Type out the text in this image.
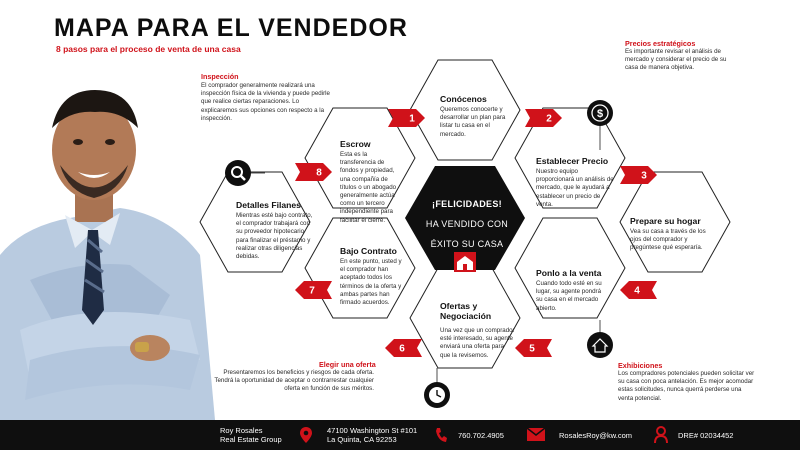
MAPA PARA EL VENDEDOR
8 pasos para el proceso de venta de una casa
1	2
3
4
5
6
7
8
$
Conócenos
Queremos conocerte y desarrollar un plan para listar tu casa en el mercado.
Precios estratégicos
Es importante revisar el análisis de mercado y considerar el precio de su casa de manera objetiva.
Establecer Precio
Nuestro equipo proporcionará un análisis de mercado, que le ayudará a establecer un precio de venta.
Prepare su hogar
Vea su casa a través de los ojos del comprador y pregúntese qué esperaría.
Ponlo a la venta
Cuando todo esté en su lugar, su agente pondrá su casa en el mercado abierto.
Exhibiciones
Los compradores potenciales pueden solicitar ver su casa con poca antelación. Es mejor acomodar estas solicitudes, nunca querrá perderse una venta potencial.
Ofertas y Negociación
Una vez que un comprador esté interesado, su agente enviará una oferta para que la revisemos.
Elegir una oferta
Presentaremos los beneficios y riesgos de cada oferta. Tendrá la oportunidad de aceptar o contrarrestar cualquier oferta en función de sus méritos.
Bajo Contrato
En este punto, usted y el comprador han aceptado todos los términos de la oferta y ambas partes han firmado acuerdos.
Detalles Filanes
Mientras esté bajo contrato, el comprador trabajará con su proveedor hipotecario para finalizar el préstamo y realizar otras diligencias debidas.
Escrow
Esta es la transferencia de fondos y propiedad, una compañía de títulos o un abogado generalmente actúa como un tercero independiente para facilitar el cierre.
Inspección
El comprador generalmente realizará una inspección física de la vivienda y puede pedirle que realice ciertas reparaciones. Lo explicaremos sus opciones con respecto a la inspección.
¡FELICIDADES!
HA VENDIDO CON
ÉXITO SU CASA
Roy Rosales
Real Estate Group
47100 Washington St #101
La Quinta, CA 92253	760.702.4905	RosalesRoy@kw.com	DRE# 02034452
